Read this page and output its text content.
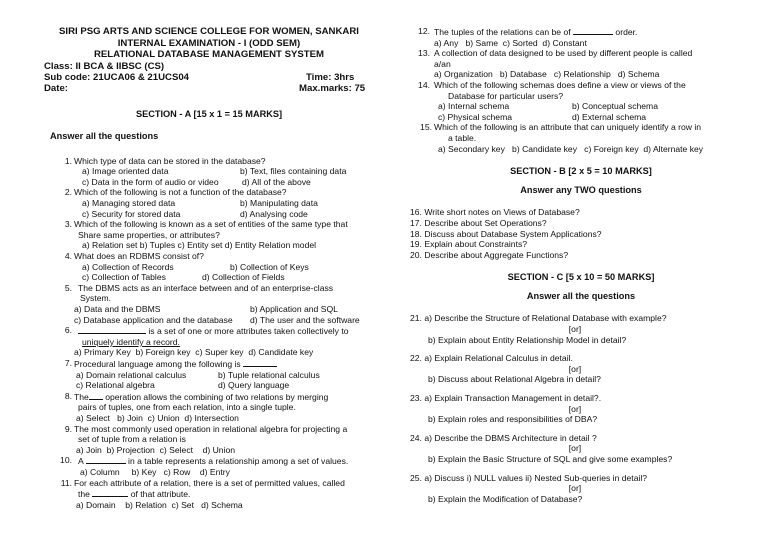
SIRI PSG ARTS AND SCIENCE COLLEGE FOR WOMEN, SANKARI
INTERNAL EXAMINATION - I (ODD SEM)
RELATIONAL DATABASE MANAGEMENT SYSTEM
Class: II BCA & IIBSC (CS)
Sub code: 21UCA06 & 21UCS04	Time: 3hrs
Date:	Max.marks: 75
SECTION - A [15 x 1 = 15 MARKS]
Answer all the questions
1. Which type of data can be stored in the database?
a) Image oriented data	b) Text, files containing data
c) Data in the form of audio or video	d) All of the above
2. Which of the following is not a function of the database?
a) Managing stored data	b) Manipulating data
c) Security for stored data	d) Analysing code
3. Which of the following is known as a set of entities of the same type that
Share same properties, or attributes?
a) Relation set b) Tuples c) Entity set d) Entity Relation model
4. What does an RDBMS consist of?
a) Collection of Records	b) Collection of Keys
c) Collection of Tables	d) Collection of Fields
5. The DBMS acts as an interface between and of an enterprise-class
System.
a) Data and the DBMS	b) Application and SQL
c) Database application and the database	d) The user and the software
6.	is a set of one or more attributes taken collectively to
uniquely identify a record.
a) Primary Key  b) Foreign key  c) Super key  d) Candidate key
7. Procedural language among the following is
a) Domain relational calculus	b) Tuple relational calculus
c) Relational algebra	d) Query language
8. The operation allows the combining of two relations by merging
pairs of tuples, one from each relation, into a single tuple.
a) Select   b) Join  c) Union  d) Intersection
9. The most commonly used operation in relational algebra for projecting a
set of tuple from a relation is
a) Join  b) Projection  c) Select    d) Union
10. A	in a table represents a relationship among a set of values.
a) Column     b) Key   c) Row    d) Entry
11. For each attribute of a relation, there is a set of permitted values, called
the	of that attribute.
a) Domain    b) Relation  c) Set   d) Schema
12. The tuples of the relations can be of	order.
a) Any   b) Same  c) Sorted  d) Constant
13. A collection of data designed to be used by different people is called
a/an
a) Organization   b) Database   c) Relationship   d) Schema
14. Which of the following schemas does define a view or views of the
Database for particular users?
a) Internal schema	b) Conceptual schema
c) Physical schema	d) External schema
15. Which of the following is an attribute that can uniquely identify a row in
a table.
a) Secondary key   b) Candidate key   c) Foreign key  d) Alternate key
SECTION - B [2 x 5 = 10 MARKS]
Answer any TWO questions
16. Write short notes on Views of Database?
17. Describe about Set Operations?
18. Discuss about Database System Applications?
19. Explain about Constraints?
20. Describe about Aggregate Functions?
SECTION - C [5 x 10 = 50 MARKS]
Answer all the questions
21. a) Describe the Structure of Relational Database with example?
[or]
b) Explain about Entity Relationship Model in detail?
22. a) Explain Relational Calculus in detail.
[or]
b) Discuss about Relational Algebra in detail?
23. a) Explain Transaction Management in detail?.
[or]
b) Explain roles and responsibilities of DBA?
24. a) Describe the DBMS Architecture in detail ?
[or]
b) Explain the Basic Structure of SQL and give some examples?
25. a) Discuss i) NULL values ii) Nested Sub-queries in detail?
[or]
b) Explain the Modification of Database?
